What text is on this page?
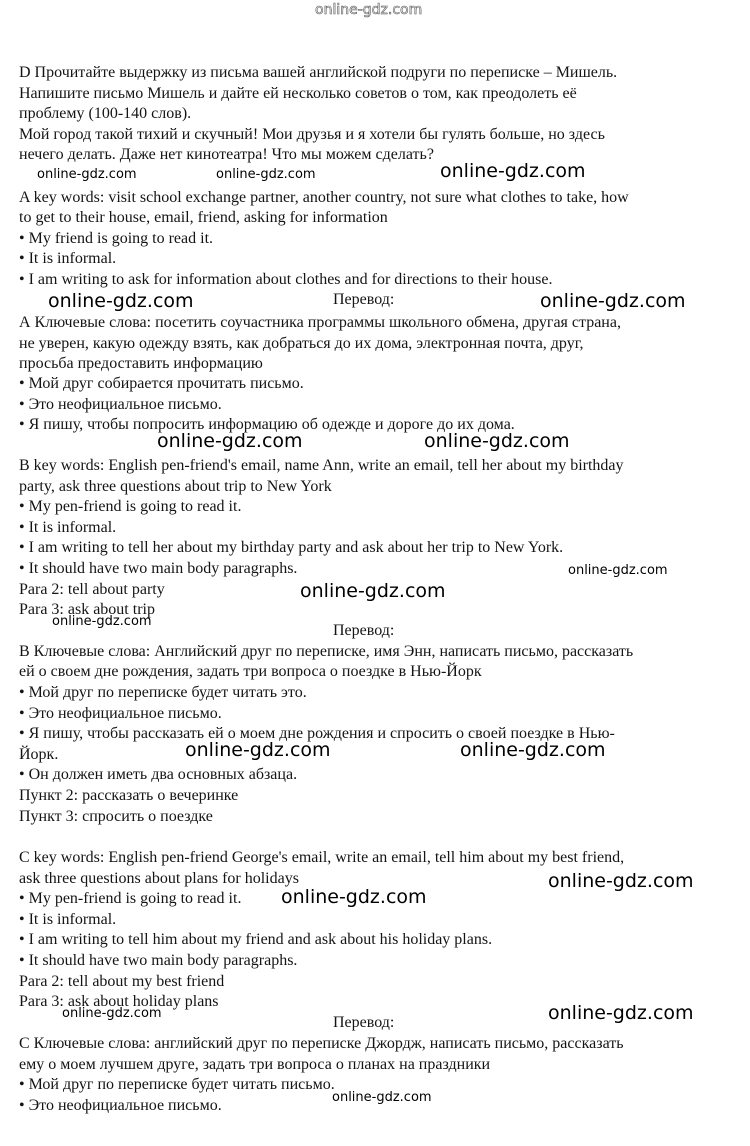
online-gdz.com
D Прочитайте выдержку из письма вашей английской подруги по переписке – Мишель.
Напишите письмо Мишель и дайте ей несколько советов о том, как преодолеть её
проблему (100-140 слов).
Мой город такой тихий и скучный! Мои друзья и я хотели бы гулять больше, но здесь
нечего делать. Даже нет кинотеатра! Что мы можем сделать?
online-gdz.com	online-gdz.com	online-gdz.com
A key words: visit school exchange partner, another country, not sure what clothes to take, how
to get to their house, email, friend, asking for information
• My friend is going to read it.
• It is informal.
• I am writing to ask for information about clothes and for directions to their house.
online-gdz.com	Перевод:	online-gdz.com
А Ключевые слова: посетить соучастника программы школьного обмена, другая страна,
не уверен, какую одежду взять, как добраться до их дома, электронная почта, друг,
просьба предоставить информацию
• Мой друг собирается прочитать письмо.
• Это неофициальное письмо.
• Я пишу, чтобы попросить информацию об одежде и дороге до их дома.
online-gdz.com	online-gdz.com
B key words: English pen-friend's email, name Ann, write an email, tell her about my birthday
party, ask three questions about trip to New York
• My pen-friend is going to read it.
• It is informal.
• I am writing to tell her about my birthday party and ask about her trip to New York.
• It should have two main body paragraphs.	online-gdz.com
Para 2: tell about party	online-gdz.com
Para 3: ask about trip
online-gdz.com
Перевод:
В Ключевые слова: Английский друг по переписке, имя Энн, написать письмо, рассказать
ей о своем дне рождения, задать три вопроса о поездке в Нью-Йорк
• Мой друг по переписке будет читать это.
• Это неофициальное письмо.
• Я пишу, чтобы рассказать ей о моем дне рождения и спросить о своей поездке в Нью-
online-gdz.com	online-gdz.com
Йорк.
• Он должен иметь два основных абзаца.
Пункт 2: рассказать о вечеринке
Пункт 3: спросить о поездке
C key words: English pen-friend George's email, write an email, tell him about my best friend,
ask three questions about plans for holidays	online-gdz.com
• My pen-friend is going to read it. online-gdz.com
• It is informal.
• I am writing to tell him about my friend and ask about his holiday plans.
• It should have two main body paragraphs.
Para 2: tell about my best friend
Para 3: ask about holiday plans
online-gdz.com	online-gdz.com
Перевод:
С Ключевые слова: английский друг по переписке Джордж, написать письмо, рассказать
ему о моем лучшем друге, задать три вопроса о планах на праздники
• Мой друг по переписке будет читать письмо.
online-gdz.com
• Это неофициальное письмо.
